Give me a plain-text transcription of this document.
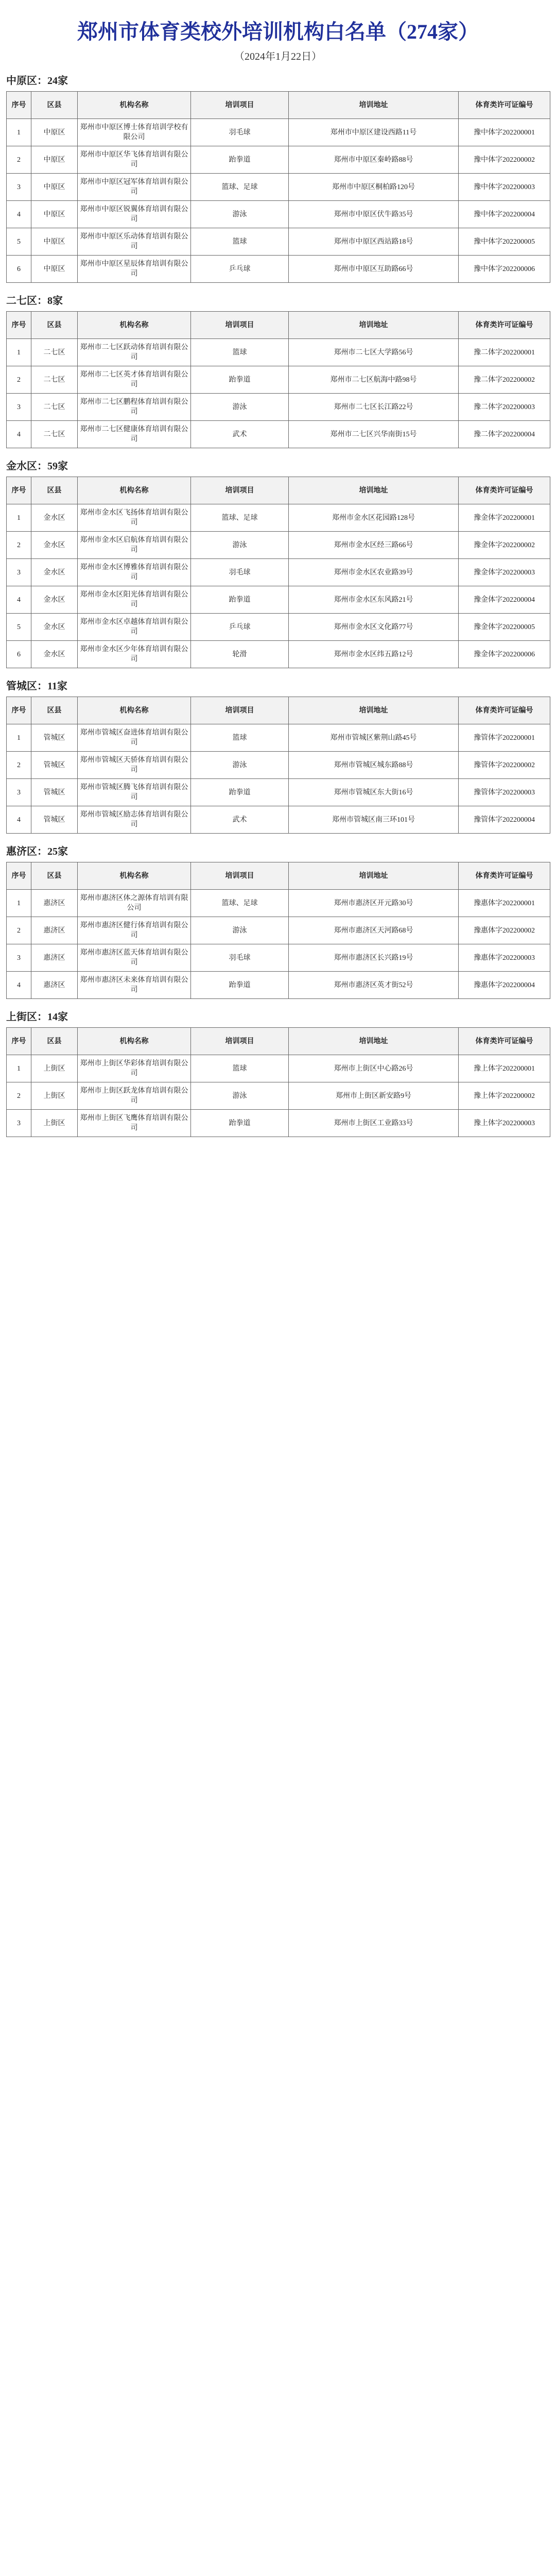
郑州市体育类校外培训机构白名单（274家）
（2024年1月22日）
中原区：24家
序号	区县	机构名称	培训项目	培训地址	体育类许可证编号
1	中原区	郑州市中原区博士体育培训学校有限公司	羽毛球	郑州市中原区建设西路11号	豫中体字202200001
2	中原区	郑州市中原区华飞体育培训有限公司	跆拳道	郑州市中原区秦岭路88号	豫中体字202200002
3	中原区	郑州市中原区冠军体育培训有限公司	篮球、足球	郑州市中原区桐柏路120号	豫中体字202200003
4	中原区	郑州市中原区锐翼体育培训有限公司	游泳	郑州市中原区伏牛路35号	豫中体字202200004
5	中原区	郑州市中原区乐动体育培训有限公司	篮球	郑州市中原区西站路18号	豫中体字202200005
6	中原区	郑州市中原区星辰体育培训有限公司	乒乓球	郑州市中原区互助路66号	豫中体字202200006
二七区：8家
序号	区县	机构名称	培训项目	培训地址	体育类许可证编号
1	二七区	郑州市二七区跃动体育培训有限公司	篮球	郑州市二七区大学路56号	豫二体字202200001
2	二七区	郑州市二七区英才体育培训有限公司	跆拳道	郑州市二七区航海中路98号	豫二体字202200002
3	二七区	郑州市二七区鹏程体育培训有限公司	游泳	郑州市二七区长江路22号	豫二体字202200003
4	二七区	郑州市二七区健康体育培训有限公司	武术	郑州市二七区兴华南街15号	豫二体字202200004
金水区：59家
序号	区县	机构名称	培训项目	培训地址	体育类许可证编号
1	金水区	郑州市金水区飞扬体育培训有限公司	篮球、足球	郑州市金水区花园路128号	豫金体字202200001
2	金水区	郑州市金水区启航体育培训有限公司	游泳	郑州市金水区经三路66号	豫金体字202200002
3	金水区	郑州市金水区博雅体育培训有限公司	羽毛球	郑州市金水区农业路39号	豫金体字202200003
4	金水区	郑州市金水区阳光体育培训有限公司	跆拳道	郑州市金水区东风路21号	豫金体字202200004
5	金水区	郑州市金水区卓越体育培训有限公司	乒乓球	郑州市金水区文化路77号	豫金体字202200005
6	金水区	郑州市金水区少年体育培训有限公司	轮滑	郑州市金水区纬五路12号	豫金体字202200006
管城区：11家
序号	区县	机构名称	培训项目	培训地址	体育类许可证编号
1	管城区	郑州市管城区奋进体育培训有限公司	篮球	郑州市管城区紫荆山路45号	豫管体字202200001
2	管城区	郑州市管城区天骄体育培训有限公司	游泳	郑州市管城区城东路88号	豫管体字202200002
3	管城区	郑州市管城区腾飞体育培训有限公司	跆拳道	郑州市管城区东大街16号	豫管体字202200003
4	管城区	郑州市管城区励志体育培训有限公司	武术	郑州市管城区南三环101号	豫管体字202200004
惠济区：25家
序号	区县	机构名称	培训项目	培训地址	体育类许可证编号
1	惠济区	郑州市惠济区体之源体育培训有限公司	篮球、足球	郑州市惠济区开元路30号	豫惠体字202200001
2	惠济区	郑州市惠济区健行体育培训有限公司	游泳	郑州市惠济区天河路68号	豫惠体字202200002
3	惠济区	郑州市惠济区蓝天体育培训有限公司	羽毛球	郑州市惠济区长兴路19号	豫惠体字202200003
4	惠济区	郑州市惠济区未来体育培训有限公司	跆拳道	郑州市惠济区英才街52号	豫惠体字202200004
上街区：14家
序号	区县	机构名称	培训项目	培训地址	体育类许可证编号
1	上街区	郑州市上街区华彩体育培训有限公司	篮球	郑州市上街区中心路26号	豫上体字202200001
2	上街区	郑州市上街区跃龙体育培训有限公司	游泳	郑州市上街区新安路9号	豫上体字202200002
3	上街区	郑州市上街区飞鹰体育培训有限公司	跆拳道	郑州市上街区工业路33号	豫上体字202200003
